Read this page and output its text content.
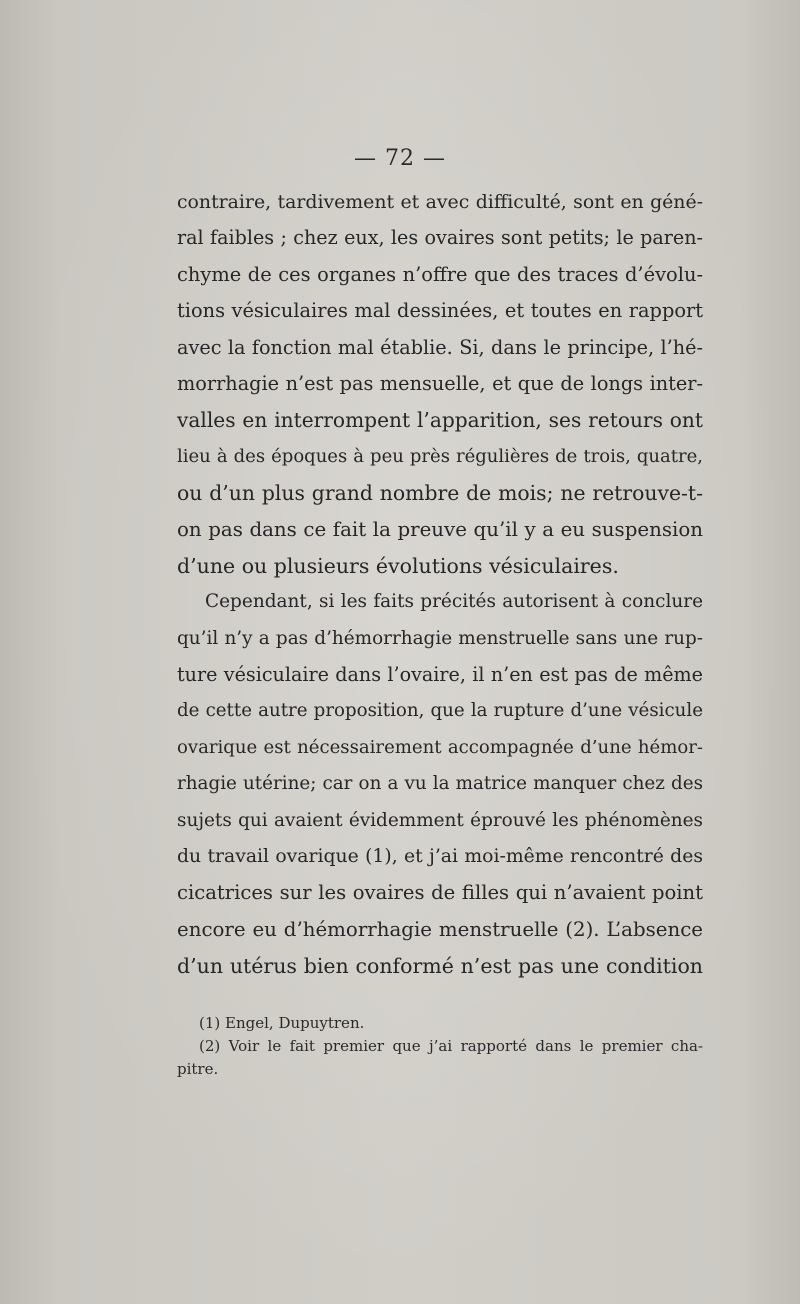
— 72 —
contraire, tardivement et avec difficulté, sont en géné-
ral faibles ; chez eux, les ovaires sont petits; le paren-
chyme de ces organes n’offre que des traces d’évolu-
tions vésiculaires mal dessinées, et toutes en rapport
avec la fonction mal établie. Si, dans le principe, l’hé-
morrhagie n’est pas mensuelle, et que de longs inter-
valles en interrompent l’apparition, ses retours ont
lieu à des époques à peu près régulières de trois, quatre,
ou d’un plus grand nombre de mois; ne retrouve-t-
on pas dans ce fait la preuve qu’il y a eu suspension
d’une ou plusieurs évolutions vésiculaires.
Cependant, si les faits précités autorisent à conclure
qu’il n’y a pas d’hémorrhagie menstruelle sans une rup-
ture vésiculaire dans l’ovaire, il n’en est pas de même
de cette autre proposition, que la rupture d’une vésicule
ovarique est nécessairement accompagnée d’une hémor-
rhagie utérine; car on a vu la matrice manquer chez des
sujets qui avaient évidemment éprouvé les phénomènes
du travail ovarique (1), et j’ai moi-même rencontré des
cicatrices sur les ovaires de filles qui n’avaient point
encore eu d’hémorrhagie menstruelle (2). L’absence
d’un utérus bien conformé n’est pas une condition
(1) Engel, Dupuytren.
(2) Voir le fait premier que j’ai rapporté dans le premier cha-
pitre.
